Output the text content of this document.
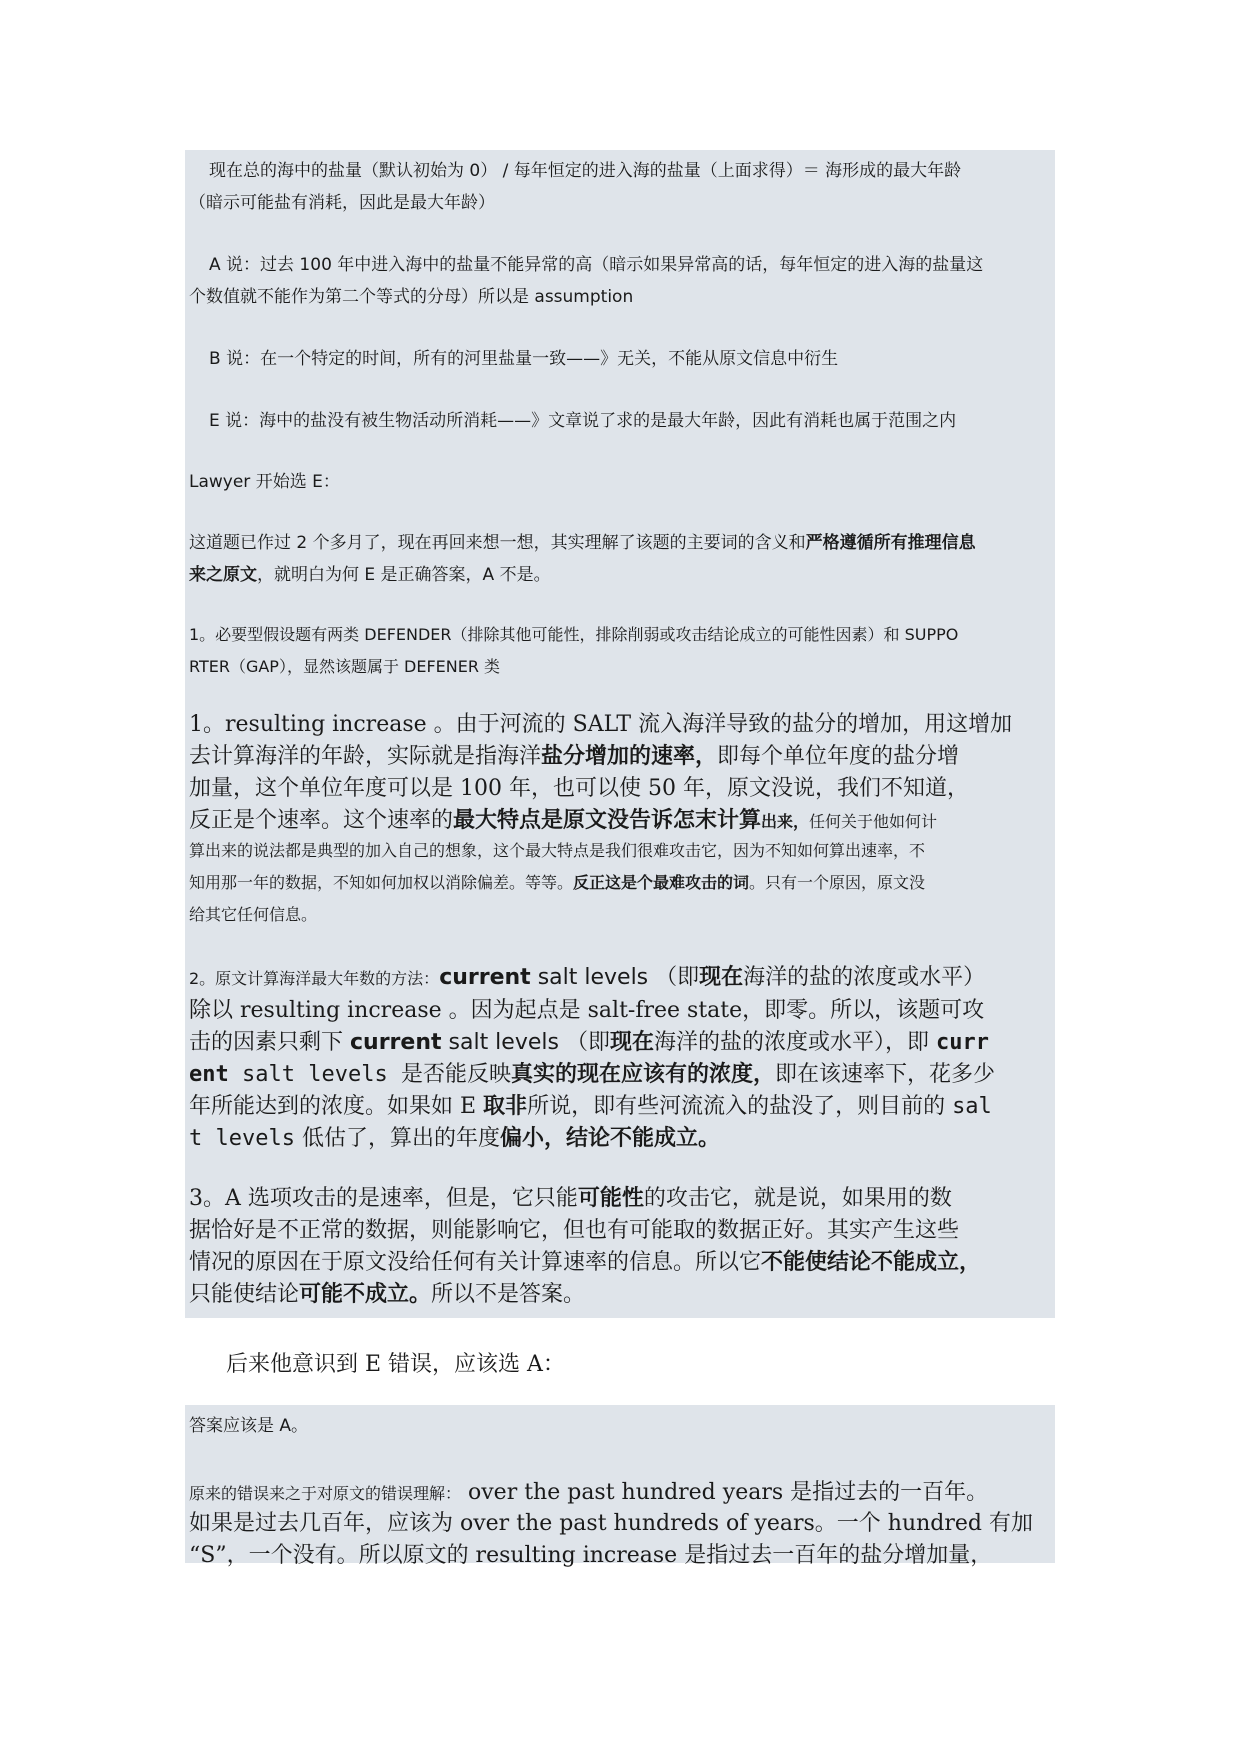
现在总的海中的盐量（默认初始为 0） / 每年恒定的进入海的盐量（上面求得）＝ 海形成的最大年龄
（暗示可能盐有消耗，因此是最大年龄）
A 说：过去 100 年中进入海中的盐量不能异常的高（暗示如果异常高的话，每年恒定的进入海的盐量这
个数值就不能作为第二个等式的分母）所以是 assumption
B 说：在一个特定的时间，所有的河里盐量一致——》无关，不能从原文信息中衍生
E 说：海中的盐没有被生物活动所消耗——》文章说了求的是最大年龄，因此有消耗也属于范围之内
Lawyer 开始选 E：
这道题已作过 2 个多月了，现在再回来想一想，其实理解了该题的主要词的含义和严格遵循所有推理信息
来之原文，就明白为何 E 是正确答案，A 不是。
1。必要型假设题有两类 DEFENDER（排除其他可能性，排除削弱或攻击结论成立的可能性因素）和 SUPPO
RTER（GAP），显然该题属于 DEFENER 类
1。resulting increase 。由于河流的 SALT 流入海洋导致的盐分的增加，用这增加
去计算海洋的年龄，实际就是指海洋盐分增加的速率，即每个单位年度的盐分增
加量，这个单位年度可以是 100 年，也可以使 50 年，原文没说，我们不知道，
反正是个速率。这个速率的最大特点是原文没告诉怎末计算出来，任何关于他如何计
算出来的说法都是典型的加入自己的想象，这个最大特点是我们很难攻击它，因为不知如何算出速率，不
知用那一年的数据，不知如何加权以消除偏差。等等。反正这是个最难攻击的词。只有一个原因，原文没
给其它任何信息。
2。原文计算海洋最大年数的方法：current salt levels （即现在海洋的盐的浓度或水平）
除以 resulting increase 。因为起点是 salt-free state，即零。所以，该题可攻
击的因素只剩下 current salt levels （即现在海洋的盐的浓度或水平），即 curr
ent salt levels 是否能反映真实的现在应该有的浓度，即在该速率下，花多少
年所能达到的浓度。如果如 E 取非所说，即有些河流流入的盐没了，则目前的 sal
t levels 低估了，算出的年度偏小，结论不能成立。
3。A 选项攻击的是速率，但是，它只能可能性的攻击它，就是说，如果用的数
据恰好是不正常的数据，则能影响它，但也有可能取的数据正好。其实产生这些
情况的原因在于原文没给任何有关计算速率的信息。所以它不能使结论不能成立，
只能使结论可能不成立。所以不是答案。
后来他意识到 E 错误，应该选 A：
答案应该是 A。
原来的错误来之于对原文的错误理解： over the past hundred years 是指过去的一百年。
如果是过去几百年，应该为 over the past hundreds of years。一个 hundred 有加
“S”，一个没有。所以原文的 resulting increase 是指过去一百年的盐分增加量，
